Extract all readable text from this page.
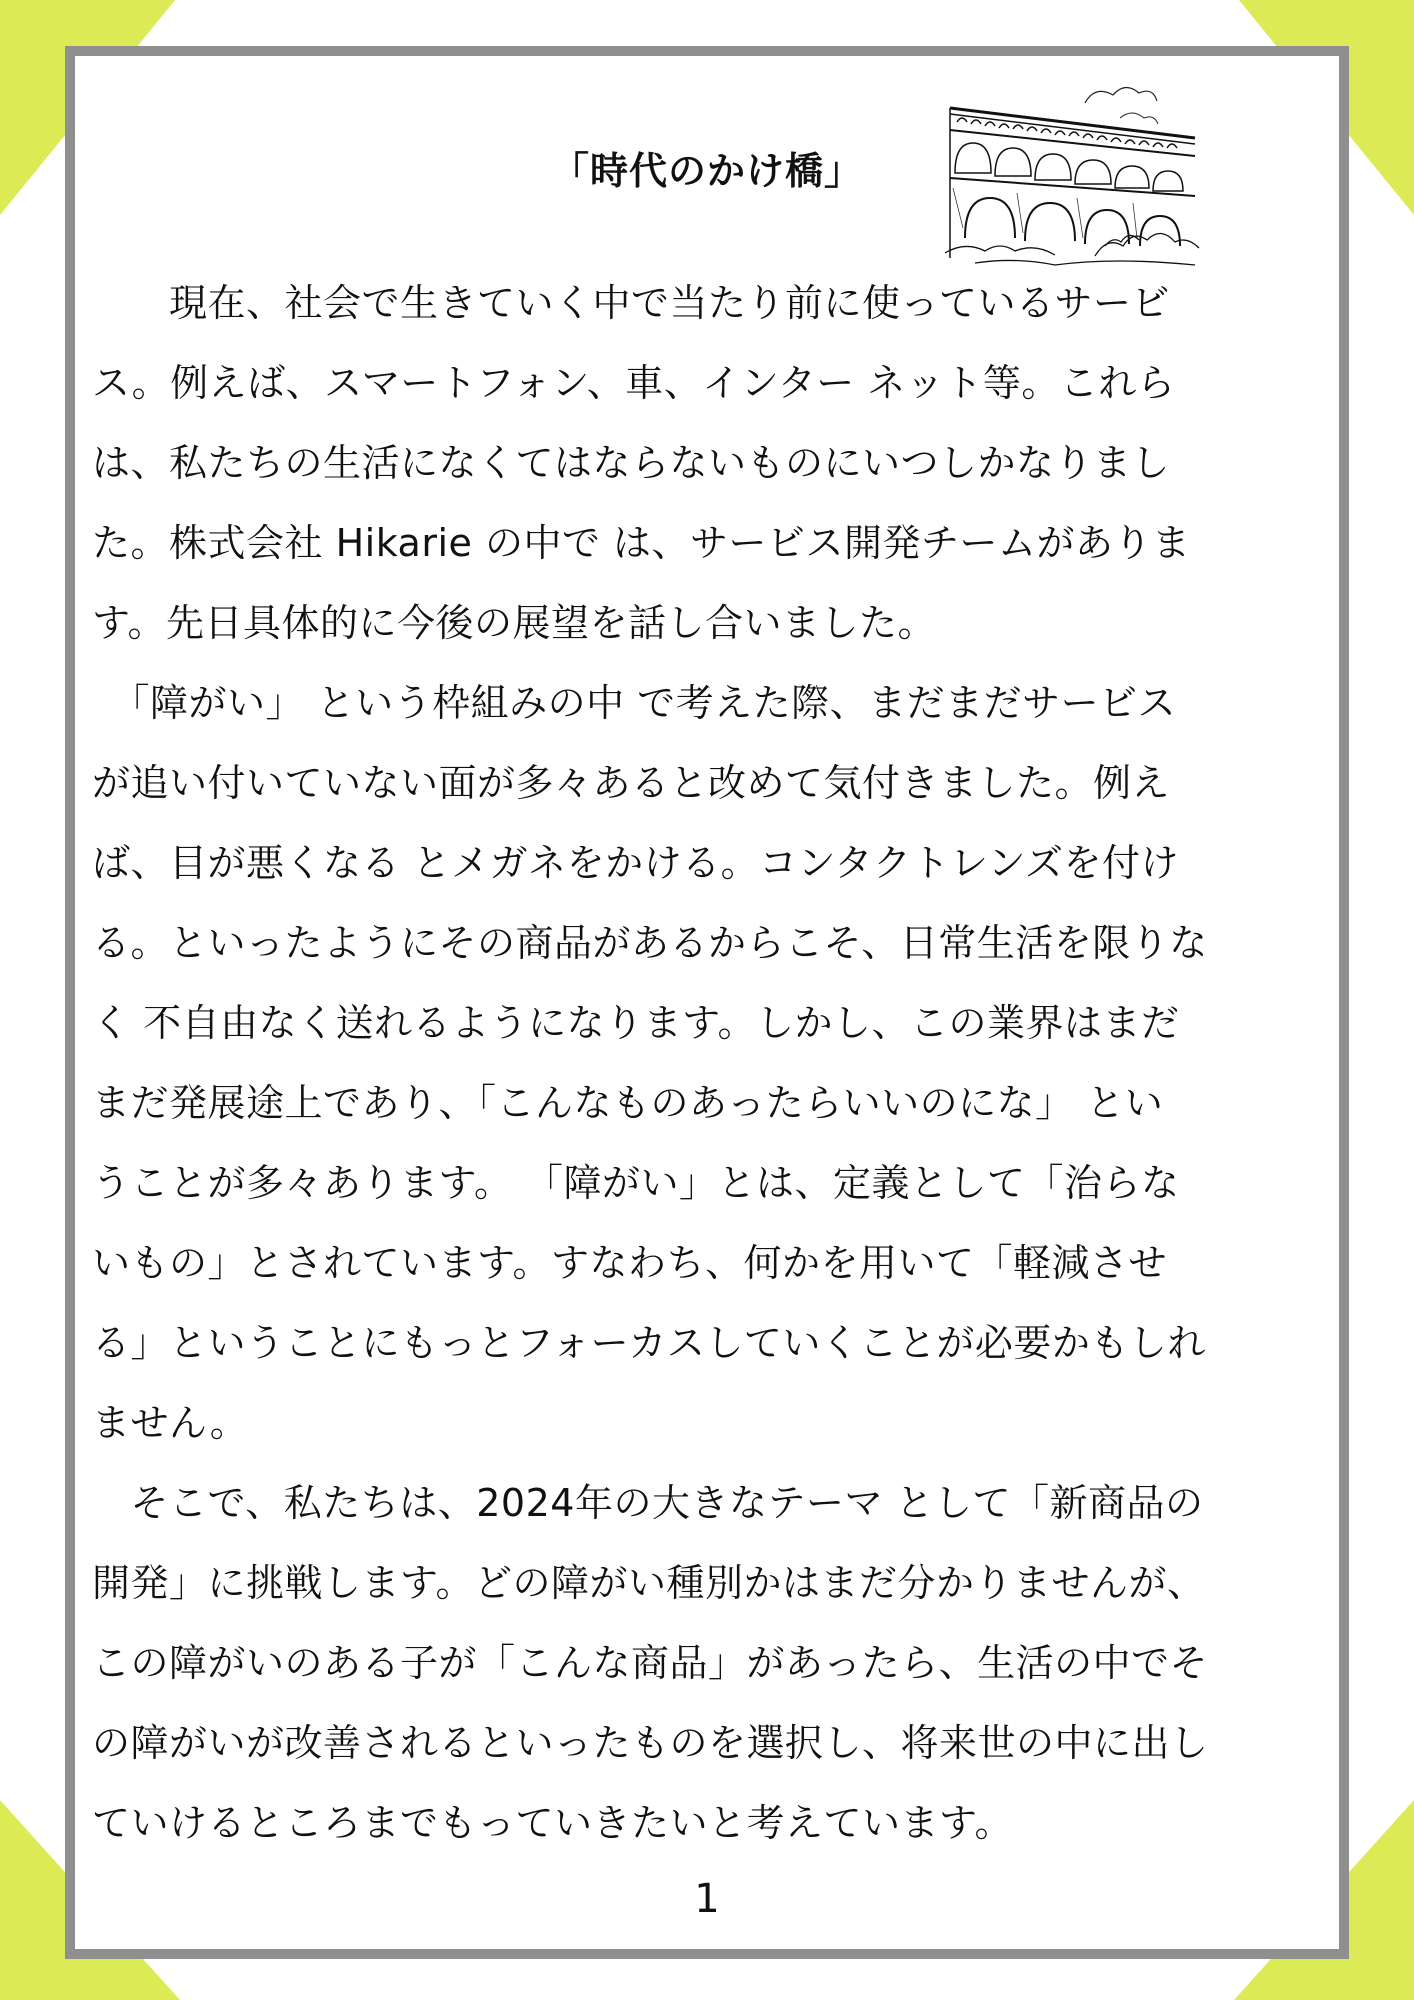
「時代のかけ橋」

　　現在、社会で生きていく中で当たり前に使っているサービ

ス。例えば、スマートフォン、車、インター ネット等。これら

は、私たちの生活になくてはならないものにいつしかなりまし

た。株式会社 Hikarie の中で は、サービス開発チームがありま

す。先日具体的に今後の展望を話し合いました。

　「障がい」 という枠組みの中 で考えた際、まだまだサービス

が追い付いていない面が多々あると改めて気付きました。例え

ば、目が悪くなる とメガネをかける。コンタクトレンズを付け

る。といったようにその商品があるからこそ、日常生活を限りな

く 不自由なく送れるようになります。しかし、この業界はまだ

まだ発展途上であり、「こんなものあったらいいのにな」 とい

うことが多々あります。 「障がい」とは、定義として「治らな

いもの」とされています。すなわち、何かを用いて「軽減させ

る」ということにもっとフォーカスしていくことが必要かもしれ

ません。

　そこで、私たちは、2024年の大きなテーマ として「新商品の

開発」に挑戦します。どの障がい種別かはまだ分かりませんが、

この障がいのある子が「こんな商品」があったら、生活の中でそ

の障がいが改善されるといったものを選択し、将来世の中に出し

ていけるところまでもっていきたいと考えています。

1
